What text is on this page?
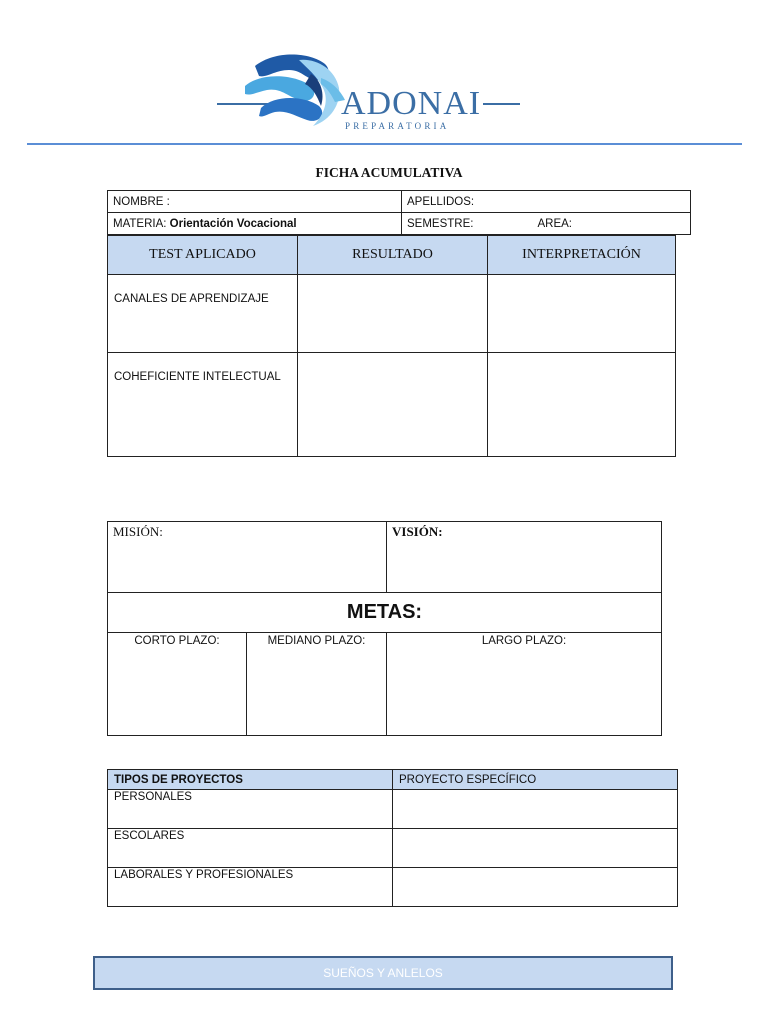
ADONAI
PREPARATORIA
FICHA ACUMULATIVA
NOMBRE :	APELLIDOS:
MATERIA: Orientación Vocacional	SEMESTRE: AREA:
TEST APLICADO	RESULTADO	INTERPRETACIÓN
CANALES DE APRENDIZAJE		
COHEFICIENTE INTELECTUAL		
MISIÓN:		VISIÓN:
METAS:		
CORTO PLAZO:	MEDIANO PLAZO:	LARGO PLAZO:
TIPOS DE PROYECTOS	PROYECTO ESPECÍFICO
PERSONALES	
ESCOLARES	
LABORALES Y PROFESIONALES	
SUEÑOS Y ANLELOS
